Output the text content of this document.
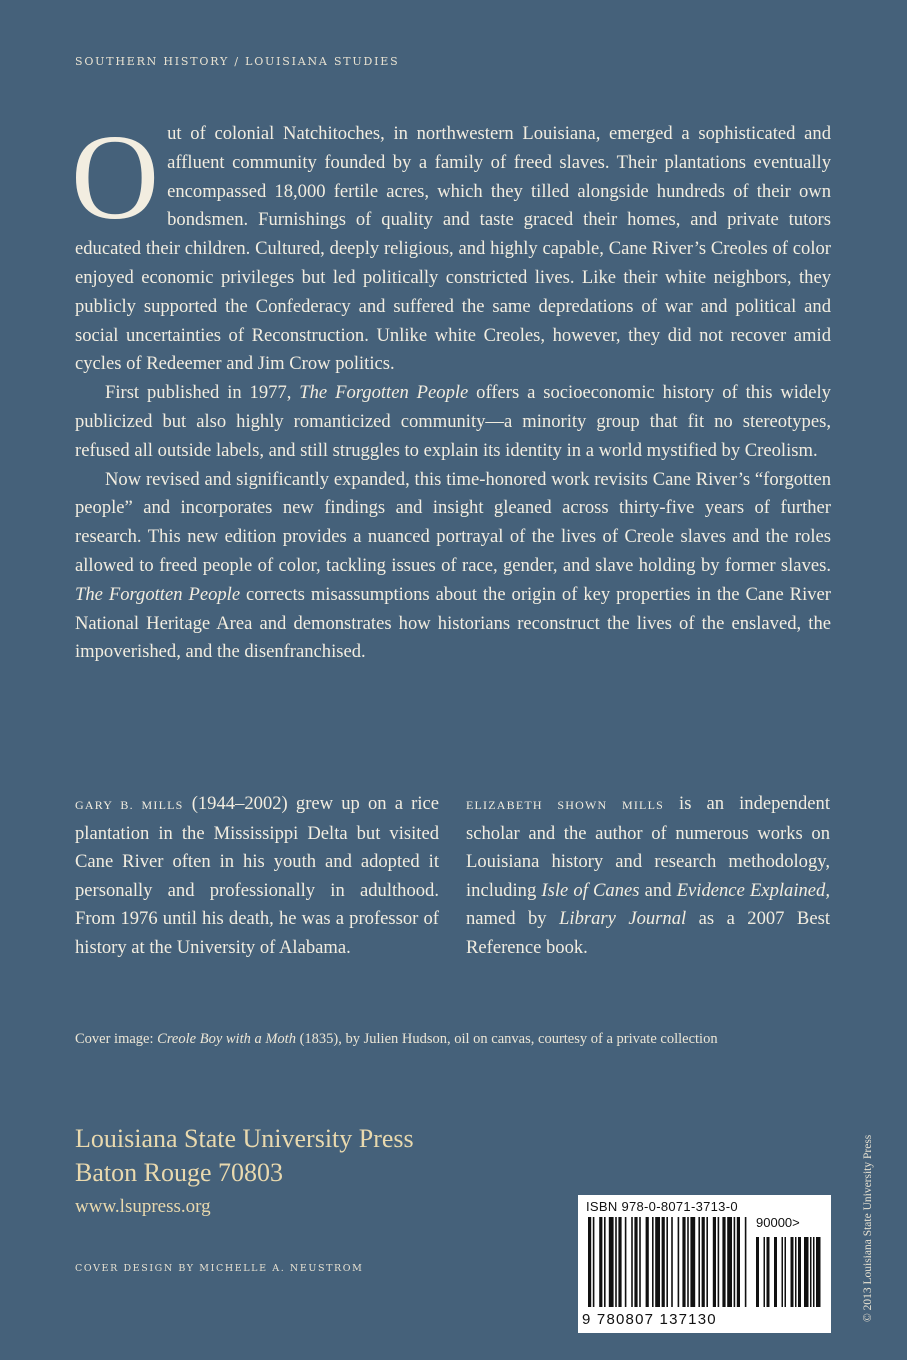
SOUTHERN HISTORY / LOUISIANA STUDIES

Out of colonial Natchitoches, in northwestern Louisiana, emerged a sophisticated and affluent community founded by a family of freed slaves. Their plantations eventually encompassed 18,000 fertile acres, which they tilled alongside hundreds of their own bondsmen. Furnishings of quality and taste graced their homes, and private tutors educated their children. Cultured, deeply religious, and highly capable, Cane River’s Creoles of color enjoyed economic privileges but led politically constricted lives. Like their white neighbors, they publicly supported the Confederacy and suffered the same depredations of war and political and social uncertainties of Reconstruction. Unlike white Creoles, however, they did not recover amid cycles of Redeemer and Jim Crow politics.

First published in 1977, The Forgotten People offers a socioeconomic history of this widely publicized but also highly romanticized community—a minority group that fit no stereotypes, refused all outside labels, and still struggles to explain its identity in a world mystified by Creolism.

Now revised and significantly expanded, this time-honored work revisits Cane River’s “forgotten people” and incorporates new findings and insight gleaned across thirty-five years of further research. This new edition provides a nuanced portrayal of the lives of Creole slaves and the roles allowed to freed people of color, tackling issues of race, gender, and slave holding by former slaves. The Forgotten People corrects misassumptions about the origin of key properties in the Cane River National Heritage Area and demonstrates how historians reconstruct the lives of the enslaved, the impoverished, and the disenfranchised.

GARY B. MILLS (1944–2002) grew up on a rice plantation in the Mississippi Delta but visited Cane River often in his youth and adopted it personally and professionally in adulthood. From 1976 until his death, he was a professor of history at the University of Alabama.
ELIZABETH SHOWN MILLS is an independent scholar and the author of numerous works on Louisiana history and research methodology, including Isle of Canes and Evidence Explained, named by Library Journal as a 2007 Best Reference book.
Cover image: Creole Boy with a Moth (1835), by Julien Hudson, oil on canvas, courtesy of a private collection
Louisiana State University Press
Baton Rouge 70803
www.lsupress.org
COVER DESIGN BY MICHELLE A. NEUSTROM
ISBN 978-0-8071-3713-0
90000>
9 780807 137130	© 2013 Louisiana State University Press
